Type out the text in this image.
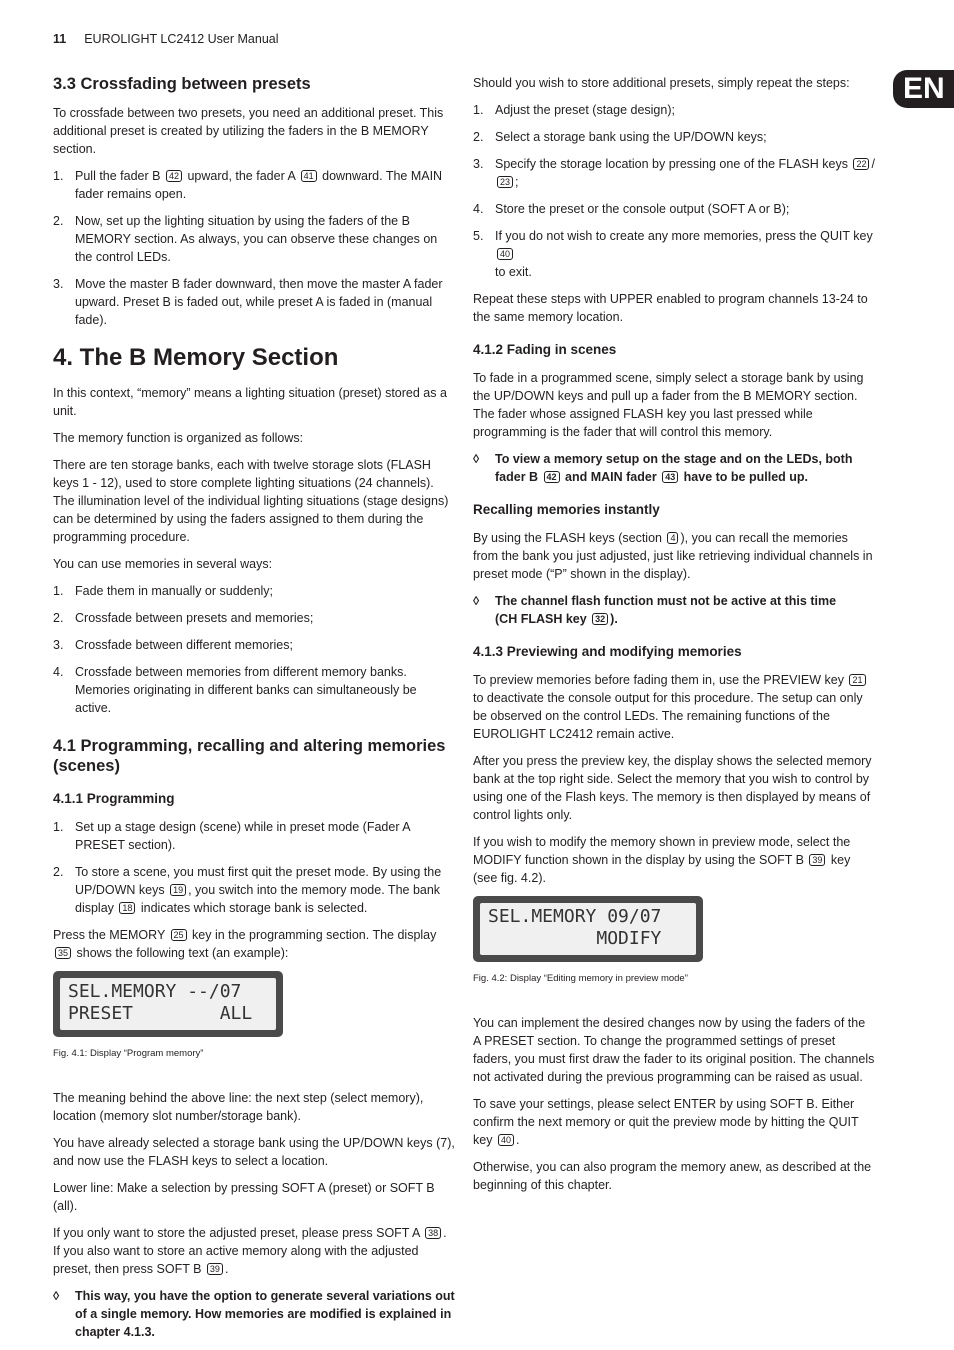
11 EUROLIGHT LC2412 User Manual
EN
3.3 Crossfading between presets

To crossfade between two presets, you need an additional preset. This additional preset is created by utilizing the faders in the B MEMORY section.

1. Pull the fader B 42 upward, the fader A 41 downward. The MAIN fader remains open.
2. Now, set up the lighting situation by using the faders of the B MEMORY section. As always, you can observe these changes on the control LEDs.
3. Move the master B fader downward, then move the master A fader upward. Preset B is faded out, while preset A is faded in (manual fade).
4. The B Memory Section

In this context, “memory” means a lighting situation (preset) stored as a unit.

The memory function is organized as follows:

There are ten storage banks, each with twelve storage slots (FLASH keys 1 - 12), used to store complete lighting situations (24 channels). The illumination level of the individual lighting situations (stage designs) can be determined by using the faders assigned to them during the programming procedure.

You can use memories in several ways:

1. Fade them in manually or suddenly;
2. Crossfade between presets and memories;
3. Crossfade between different memories;
4. Crossfade between memories from different memory banks.
Memories originating in different banks can simultaneously be active.
4.1 Programming, recalling and altering memories (scenes)
4.1.1 Programming
1. Set up a stage design (scene) while in preset mode (Fader A PRESET section).
2. To store a scene, you must first quit the preset mode. By using the UP/DOWN keys 19 , you switch into the memory mode. The bank display 18 indicates which storage bank is selected.

Press the MEMORY 25 key in the programming section. The display 35 shows the following text (an example):

SEL.MEMORY --/07
PRESET        ALL

Fig. 4.1: Display “Program memory”

The meaning behind the above line: the next step (select memory),

location (memory slot number/storage bank).

You have already selected a storage bank using the UP/DOWN keys (7), and now use the FLASH keys to select a location.

Lower line: Make a selection by pressing SOFT A (preset) or SOFT B (all).

If you only want to store the adjusted preset, please press SOFT A 38 . If you also want to store an active memory along with the adjusted preset, then press SOFT B 39 .

◊ This way, you have the option to generate several variations out of a single memory. How memories are modified is explained in chapter 4.1.3.

Should you wish to store additional presets, simply repeat the steps:

1. Adjust the preset (stage design);
2. Select a storage bank using the UP/DOWN keys;
3. Specify the storage location by pressing one of the FLASH keys 22 / 23 ;
4. Store the preset or the console output (SOFT A or B);
5. If you do not wish to create any more memories, press the QUIT key 40
to exit.

Repeat these steps with UPPER enabled to program channels 13-24 to the same memory location.

4.1.2 Fading in scenes

To fade in a programmed scene, simply select a storage bank by using the UP/DOWN keys and pull up a fader from the B MEMORY section. The fader whose assigned FLASH key you last pressed while programming is the fader that will control this memory.

◊ To view a memory setup on the stage and on the LEDs, both fader B 42 and MAIN fader 43 have to be pulled up.
Recalling memories instantly

By using the FLASH keys (section 4 ), you can recall the memories from the bank you just adjusted, just like retrieving individual channels in preset mode (“P” shown in the display).

◊ The channel flash function must not be active at this time
(CH FLASH key 32 ).
4.1.3 Previewing and modifying memories

To preview memories before fading them in, use the PREVIEW key 21 to deactivate the console output for this procedure. The setup can only be observed on the control LEDs. The remaining functions of the EUROLIGHT LC2412 remain active.

After you press the preview key, the display shows the selected memory bank at the top right side. Select the memory that you wish to control by using one of the Flash keys. The memory is then displayed by means of control lights only.

If you wish to modify the memory shown in preview mode, select the MODIFY function shown in the display by using the SOFT B 39 key (see fig. 4.2).

SEL.MEMORY 09/07
MODIFY

Fig. 4.2: Display “Editing memory in preview mode”

You can implement the desired changes now by using the faders of the A PRESET section. To change the programmed settings of preset faders, you must first draw the fader to its original position. The channels not activated during the previous programming can be raised as usual.

To save your settings, please select ENTER by using SOFT B. Either confirm the next memory or quit the preview mode by hitting the QUIT key 40 .

Otherwise, you can also program the memory anew, as described at the beginning of this chapter.
